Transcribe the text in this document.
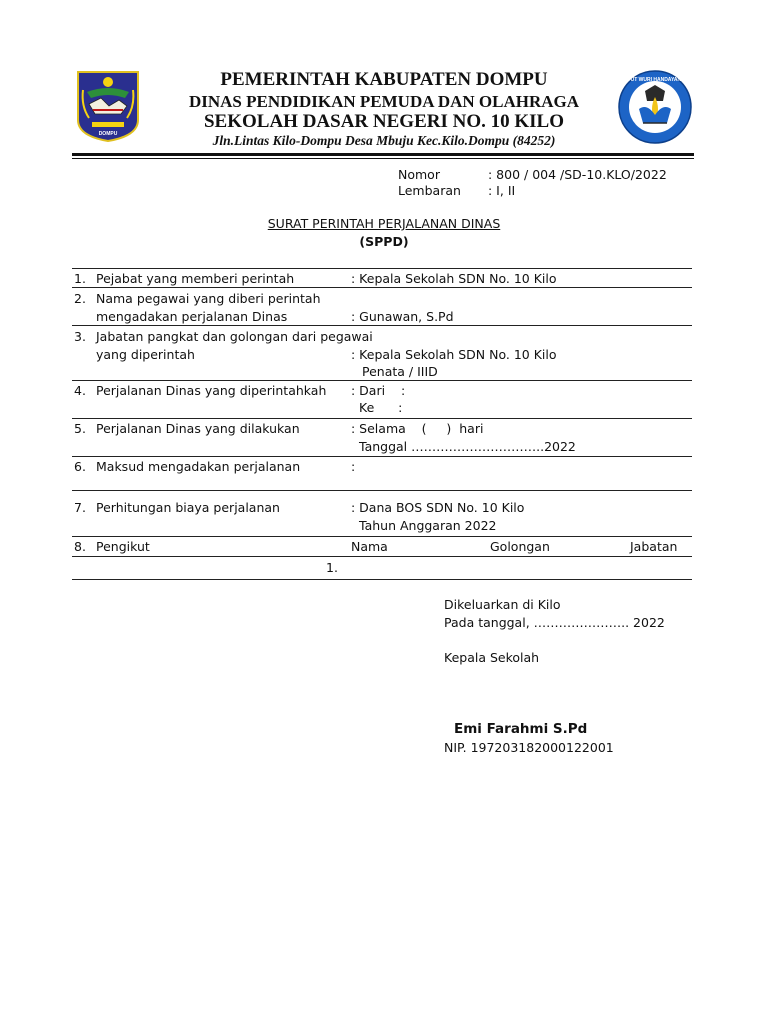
DOMPU
TUT WURI HANDAYANI
PEMERINTAH KABUPATEN DOMPU
DINAS PENDIDIKAN PEMUDA DAN OLAHRAGA
SEKOLAH DASAR NEGERI NO. 10 KILO
Jln.Lintas Kilo-Dompu Desa Mbuju Kec.Kilo.Dompu (84252)
Nomor	: 800 / 004 /SD-10.KLO/2022
Lembaran : I, II
SURAT PERINTAH PERJALANAN DINAS
(SPPD)
1. Pejabat yang memberi perintah	: Kepala Sekolah SDN No. 10 Kilo
2. Nama pegawai yang diberi perintah
mengadakan perjalanan Dinas	: Gunawan, S.Pd
3. Jabatan pangkat dan golongan dari pegawai
yang diperintah	: Kepala Sekolah SDN No. 10 Kilo
Penata / IIID
4. Perjalanan Dinas yang diperintahkah : Dari    :
Ke      :
5. Perjalanan Dinas yang dilakukan	: Selama    (     )  hari
Tanggal …………………………..2022
6. Maksud mengadakan perjalanan	:
7. Perhitungan biaya perjalanan	: Dana BOS SDN No. 10 Kilo
Tahun Anggaran 2022
8. Pengikut	Nama	Golongan	Jabatan
1.
Dikeluarkan di Kilo
Pada tanggal, ………………….. 2022
Kepala Sekolah
Emi Farahmi S.Pd
NIP. 197203182000122001
